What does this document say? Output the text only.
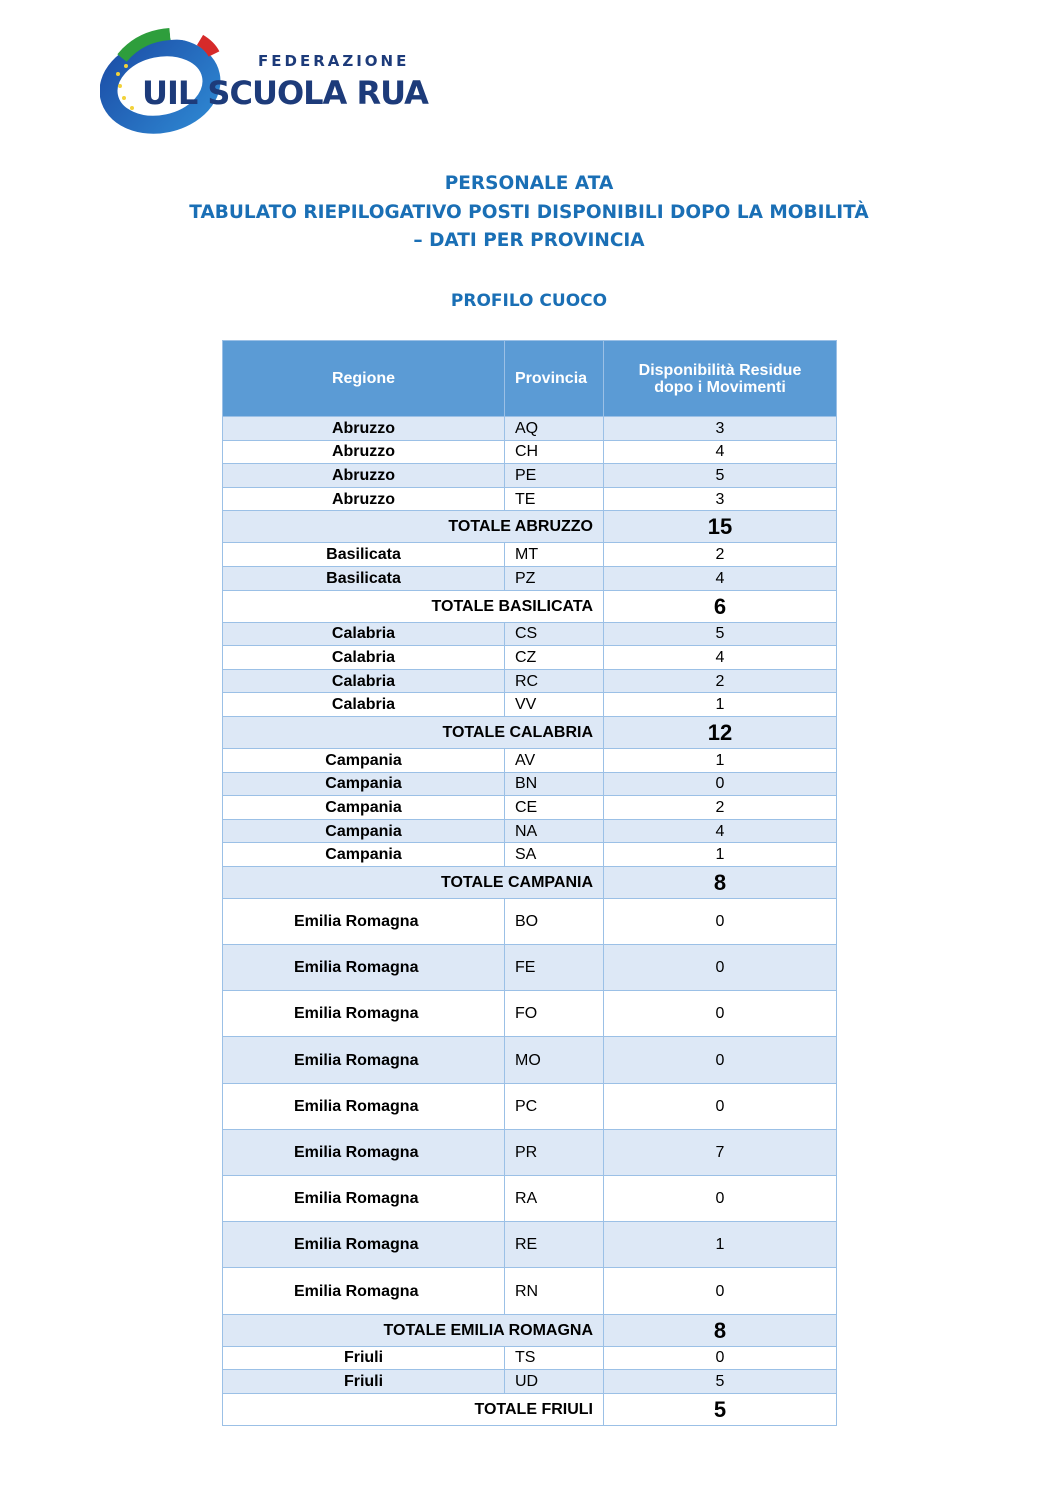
FEDERAZIONE
UIL SCUOLA RUA
PERSONALE ATA
TABULATO RIEPILOGATIVO POSTI DISPONIBILI DOPO LA MOBILITÀ
– DATI PER PROVINCIA
PROFILO CUOCO
Regione	Provincia	Disponibilità Residue
dopo i Movimenti

Abruzzo	AQ	3
Abruzzo	CH	4
Abruzzo	PE	5
Abruzzo	TE	3
TOTALE ABRUZZO		15
Basilicata	MT	2
Basilicata	PZ	4
TOTALE BASILICATA		6
Calabria	CS	5
Calabria	CZ	4
Calabria	RC	2
Calabria	VV	1
TOTALE CALABRIA		12
Campania	AV	1
Campania	BN	0
Campania	CE	2
Campania	NA	4
Campania	SA	1
TOTALE CAMPANIA		8
Emilia Romagna	BO	0
Emilia Romagna	FE	0
Emilia Romagna	FO	0
Emilia Romagna	MO	0
Emilia Romagna	PC	0
Emilia Romagna	PR	7
Emilia Romagna	RA	0
Emilia Romagna	RE	1
Emilia Romagna	RN	0
TOTALE EMILIA ROMAGNA		8
Friuli	TS	0
Friuli	UD	5
TOTALE FRIULI		5
